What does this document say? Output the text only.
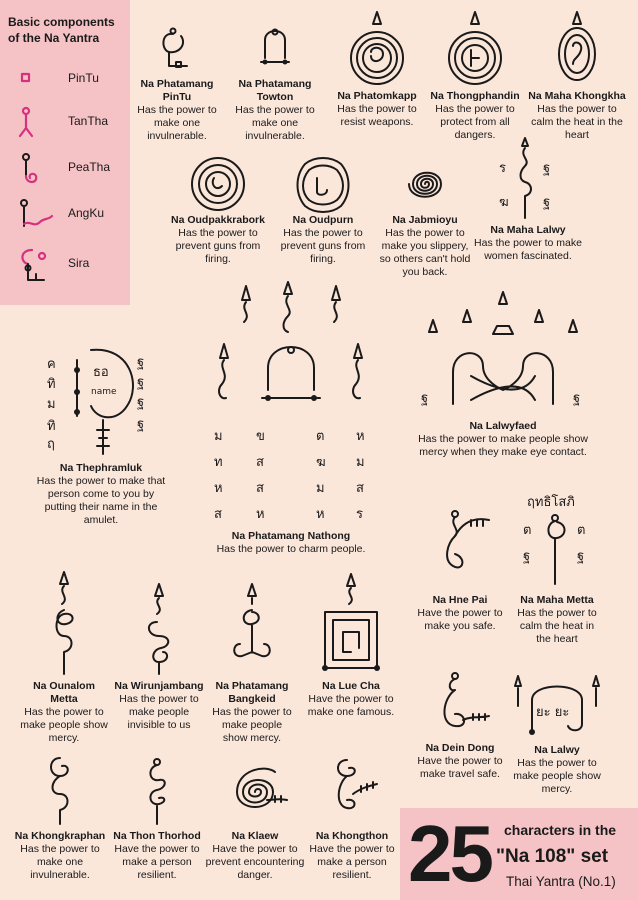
Basic components of the Na Yantra
PinTu
TanTha
PeaTha
AngKu
Sira
Na Phatamang PinTu
Has the power to make one invulnerable.
Na Phatamang Towton
Has the power to make one invulnerable.
Na Phatomkapp
Has the power to resist weapons.
Na Thongphandin
Has the power to protect from all dangers.
Na Maha Khongkha
Has the power to calm the heat in the heart
Na Oudpakkrabork
Has the power to prevent guns from firing.
Na Oudpurn
Has the power to prevent guns from firing.
Na Jabmioyu
Has the power to make you slippery, so others can't hold you back.
ร	ฐ
ฆ	ฐ
Na Maha Lalwy
Has the power to make women fascinated.
ธอ
name
ค
ทิ
ม
ทิ
ฤ
ฐ
ฐ
ฐ
ฐ
Na Thephramluk
Has the power to make that person come to you by putting their name in the amulet.
ม	ข	ต ห
ท	ส	ฆ ม
ห	ส	ม ส
ส	ห	ห ร
Na Phatamang Nathong
Has the power to charm people.
ฐ	ฐ
Na Lalwyfaed
Has the power to make people show mercy when they make eye contact.
Na Hne Pai
Have the power to make you safe.
ฤทธิโสภิ
ต
ฐ
ต
ฐ
Na Maha Metta
Has the power to calm the heat in the heart
Na Ounalom Metta
Has the power to make people show mercy.
Na Wirunjambang
Has the power to make people invisible to us
Na Phatamang Bangkeid
Has the power to make people show mercy.
Na Lue Cha
Have the power to make one famous.
Na Dein Dong
Have the power to make travel safe.
ยะ ยะ
Na Lalwy
Has the power to make people show mercy.
Na Khongkraphan
Has the power to make one invulnerable.
Na Thon Thorhod
Have the power to make a person resilient.
Na Klaew
Have the power to prevent encountering danger.
Na Khongthon
Have the power to make a person resilient. 25 characters in the
"Na 108" set
Thai Yantra (No.1)
